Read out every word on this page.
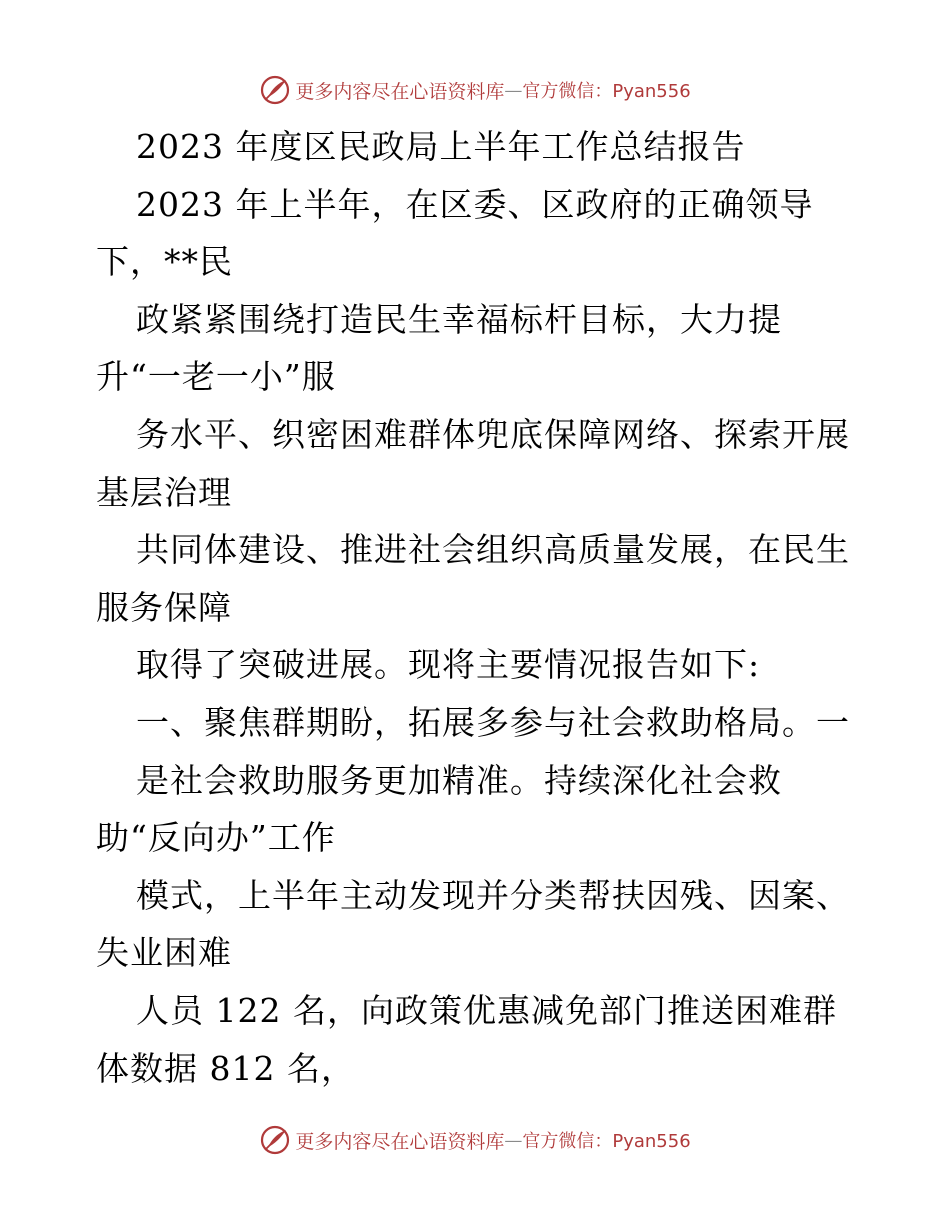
更多内容尽在心语资料库 — 官方微信：Pyan556
2023 年度区民政局上半年工作总结报告
2023 年上半年，在区委、区政府的正确领导
下，**民
政紧紧围绕打造民生幸福标杆目标，大力提
升“一老一小”服
务水平、织密困难群体兜底保障网络、探索开展
基层治理
共同体建设、推进社会组织高质量发展，在民生
服务保障
取得了突破进展。现将主要情况报告如下:
一、聚焦群期盼，拓展多参与社会救助格局。一
是社会救助服务更加精准。持续深化社会救
助“反向办”工作
模式，上半年主动发现并分类帮扶因残、因案、
失业困难
人员 122 名，向政策优惠减免部门推送困难群
体数据 812 名，
更多内容尽在心语资料库 — 官方微信：Pyan556
